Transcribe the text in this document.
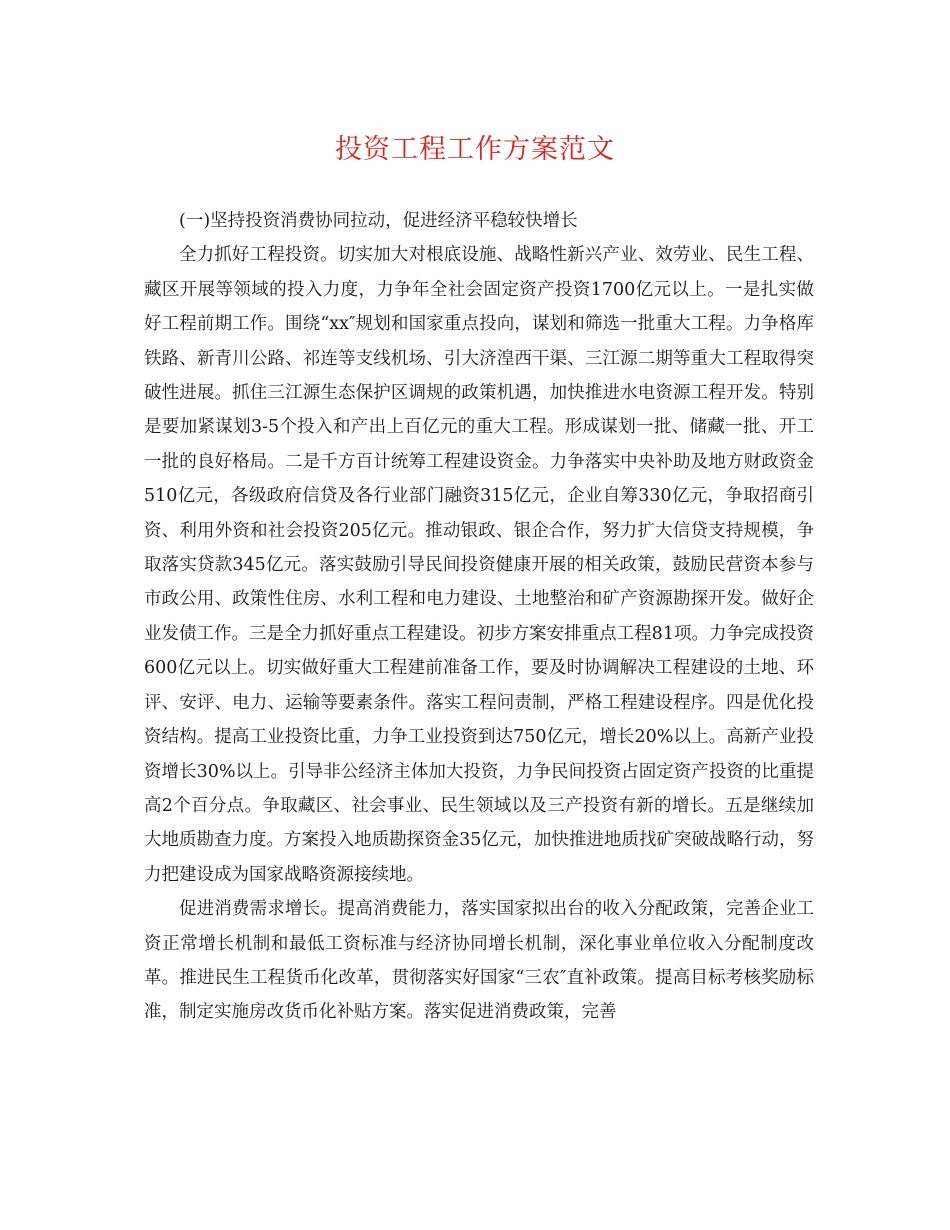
投资工程工作方案范文

(一)坚持投资消费协同拉动，促进经济平稳较快增长

全力抓好工程投资。切实加大对根底设施、战略性新兴产业、效劳业、民生工程、藏区开展等领域的投入力度，力争年全社会固定资产投资1700亿元以上。一是扎实做好工程前期工作。围绕“xx″规划和国家重点投向，谋划和筛选一批重大工程。力争格库铁路、新青川公路、祁连等支线机场、引大济湟西干渠、三江源二期等重大工程取得突破性进展。抓住三江源生态保护区调规的政策机遇，加快推进水电资源工程开发。特别是要加紧谋划3-5个投入和产出上百亿元的重大工程。形成谋划一批、储藏一批、开工一批的良好格局。二是千方百计统筹工程建设资金。力争落实中央补助及地方财政资金510亿元，各级政府信贷及各行业部门融资315亿元，企业自筹330亿元，争取招商引资、利用外资和社会投资205亿元。推动银政、银企合作，努力扩大信贷支持规模，争取落实贷款345亿元。落实鼓励引导民间投资健康开展的相关政策，鼓励民营资本参与市政公用、政策性住房、水利工程和电力建设、土地整治和矿产资源勘探开发。做好企业发债工作。三是全力抓好重点工程建设。初步方案安排重点工程81项。力争完成投资600亿元以上。切实做好重大工程建前准备工作，要及时协调解决工程建设的土地、环评、安评、电力、运输等要素条件。落实工程问责制，严格工程建设程序。四是优化投资结构。提高工业投资比重，力争工业投资到达750亿元，增长20%以上。高新产业投资增长30%以上。引导非公经济主体加大投资，力争民间投资占固定资产投资的比重提高2个百分点。争取藏区、社会事业、民生领域以及三产投资有新的增长。五是继续加大地质勘查力度。方案投入地质勘探资金35亿元，加快推进地质找矿突破战略行动，努力把建设成为国家战略资源接续地。

促进消费需求增长。提高消费能力，落实国家拟出台的收入分配政策，完善企业工资正常增长机制和最低工资标准与经济协同增长机制，深化事业单位收入分配制度改革。推进民生工程货币化改革，贯彻落实好国家“三农″直补政策。提高目标考核奖励标准，制定实施房改货币化补贴方案。落实促进消费政策，完善
